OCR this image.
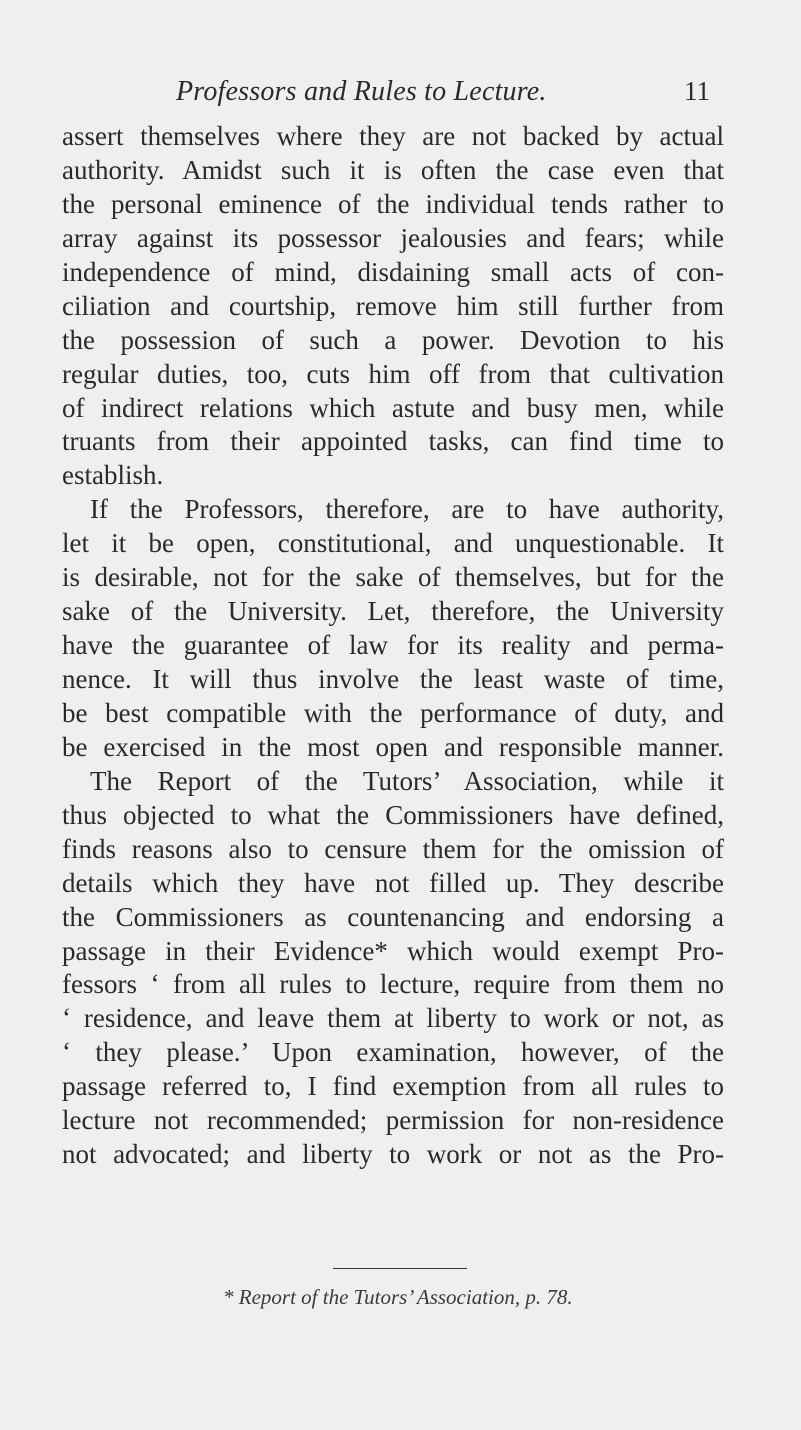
Professors and Rules to Lecture.	11
assert themselves where they are not backed by actual
authority. Amidst such it is often the case even that
the personal eminence of the individual tends rather to
array against its possessor jealousies and fears; while
independence of mind, disdaining small acts of con-
ciliation and courtship, remove him still further from
the possession of such a power. Devotion to his
regular duties, too, cuts him off from that cultivation
of indirect relations which astute and busy men, while
truants from their appointed tasks, can find time to
establish.
If the Professors, therefore, are to have authority,
let it be open, constitutional, and unquestionable. It
is desirable, not for the sake of themselves, but for the
sake of the University. Let, therefore, the University
have the guarantee of law for its reality and perma-
nence. It will thus involve the least waste of time,
be best compatible with the performance of duty, and
be exercised in the most open and responsible manner.
The Report of the Tutors’ Association, while it
thus objected to what the Commissioners have defined,
finds reasons also to censure them for the omission of
details which they have not filled up. They describe
the Commissioners as countenancing and endorsing a
passage in their Evidence* which would exempt Pro-
fessors ‘ from all rules to lecture, require from them no
‘ residence, and leave them at liberty to work or not, as
‘ they please.’ Upon examination, however, of the
passage referred to, I find exemption from all rules to
lecture not recommended; permission for non-residence
not advocated; and liberty to work or not as the Pro-
* Report of the Tutors’ Association, p. 78.
